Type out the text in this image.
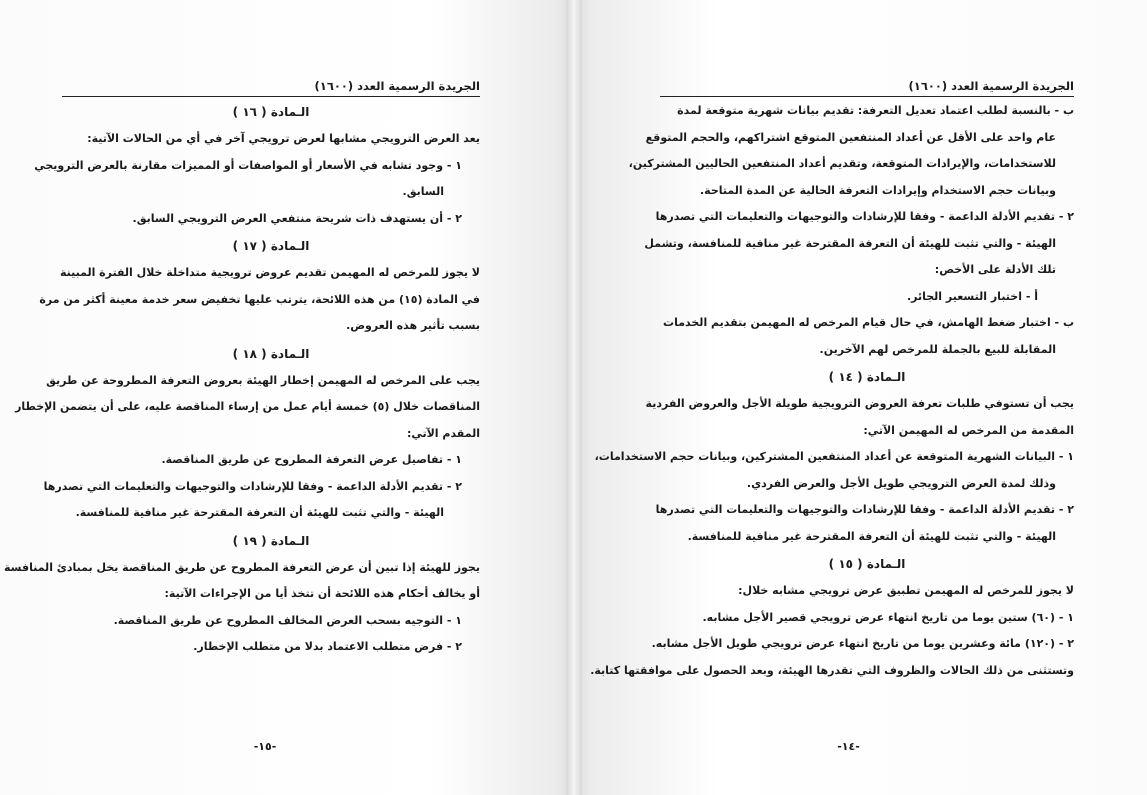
الجريدة الرسمية العدد (١٦٠٠)
الـمادة ( ١٦ )
يعد العرض الترويجي مشابها لعرض ترويجي آخر في أي من الحالات الآتية:
١ - وجود تشابه في الأسعار أو المواصفات أو المميزات مقارنة بالعرض الترويجي
السابق.
٢ - أن يستهدف ذات شريحة منتفعي العرض الترويجي السابق.
الـمادة ( ١٧ )
لا يجوز للمرخص له المهيمن تقديم عروض ترويجية متداخلة خلال الفترة المبينة
في المادة (١٥) من هذه اللائحة، يترتب عليها تخفيض سعر خدمة معينة أكثر من مرة
بسبب تأثير هذه العروض.
الـمادة ( ١٨ )
يجب على المرخص له المهيمن إخطار الهيئة بعروض التعرفة المطروحة عن طريق
المناقصات خلال (٥) خمسة أيام عمل من إرساء المناقصة عليه، على أن يتضمن الإخطار
المقدم الآتي:
١ - تفاصيل عرض التعرفة المطروح عن طريق المناقصة.
٢ - تقديم الأدلة الداعمة - وفقا للإرشادات والتوجيهات والتعليمات التي تصدرها
الهيئة - والتي تثبت للهيئة أن التعرفة المقترحة غير منافية للمنافسة.
الـمادة ( ١٩ )
يجوز للهيئة إذا تبين أن عرض التعرفة المطروح عن طريق المناقصة يخل بمبادئ المنافسة
أو يخالف أحكام هذه اللائحة أن تتخذ أيا من الإجراءات الآتية:
١ - التوجيه بسحب العرض المخالف المطروح عن طريق المناقصة.
٢ - فرض متطلب الاعتماد بدلا من متطلب الإخطار.
-١٥-
الجريدة الرسمية العدد (١٦٠٠)
ب - بالنسبة لطلب اعتماد تعديل التعرفة: تقديم بيانات شهرية متوقعة لمدة
عام واحد على الأقل عن أعداد المنتفعين المتوقع اشتراكهم، والحجم المتوقع
للاستخدامات، والإيرادات المتوقعة، وتقديم أعداد المنتفعين الحاليين المشتركين،
وبيانات حجم الاستخدام وإيرادات التعرفة الحالية عن المدة المتاحة.
٢ - تقديم الأدلة الداعمة - وفقا للإرشادات والتوجيهات والتعليمات التي تصدرها
الهيئة - والتي تثبت للهيئة أن التعرفة المقترحة غير منافية للمنافسة، وتشمل
تلك الأدلة على الأخص:
أ - اختبار التسعير الجائر.
ب - اختبار ضغط الهامش، في حال قيام المرخص له المهيمن بتقديم الخدمات
المقابلة للبيع بالجملة للمرخص لهم الآخرين.
الـمادة ( ١٤ )
يجب أن تستوفي طلبات تعرفة العروض الترويجية طويلة الأجل والعروض الفردية
المقدمة من المرخص له المهيمن الآتي:
١ - البيانات الشهرية المتوقعة عن أعداد المنتفعين المشتركين، وبيانات حجم الاستخدامات،
وذلك لمدة العرض الترويجي طويل الأجل والعرض الفردي.
٢ - تقديم الأدلة الداعمة - وفقا للإرشادات والتوجيهات والتعليمات التي تصدرها
الهيئة - والتي تثبت للهيئة أن التعرفة المقترحة غير منافية للمنافسة.
الـمادة ( ١٥ )
لا يجوز للمرخص له المهيمن تطبيق عرض ترويجي مشابه خلال:
١ - (٦٠) ستين يوما من تاريخ انتهاء عرض ترويجي قصير الأجل مشابه.
٢ - (١٢٠) مائة وعشرين يوما من تاريخ انتهاء عرض ترويجي طويل الأجل مشابه.
وتستثنى من ذلك الحالات والظروف التي تقدرها الهيئة، وبعد الحصول على موافقتها كتابة.
-١٤-
